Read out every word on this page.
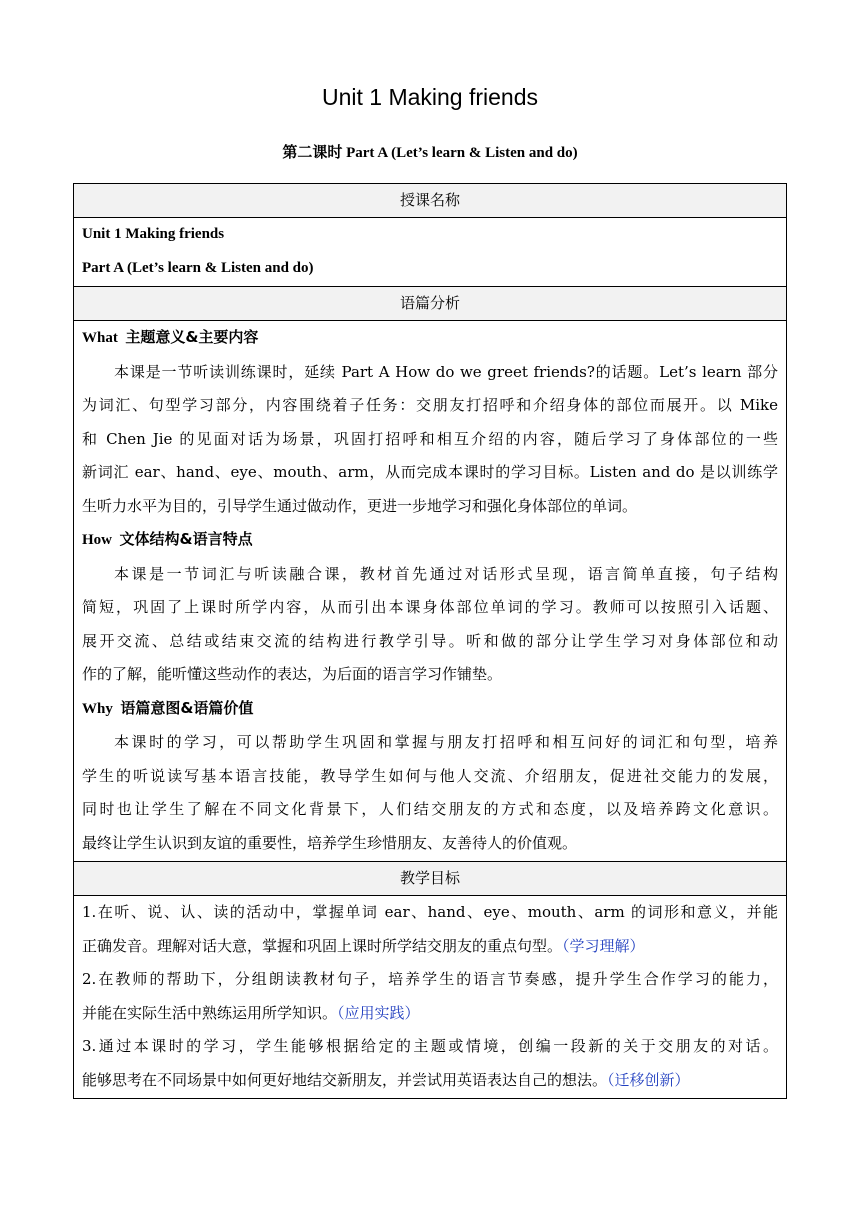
Unit 1 Making friends
第二课时 Part A (Let’s learn & Listen and do)
授课名称

Unit 1 Making friends
Part A (Let’s learn & Listen and do)

语篇分析

What 主题意义&主要内容
本课是一节听读训练课时，延续 Part A How do we greet friends?的话题。Let’s learn 部分
为词汇、句型学习部分，内容围绕着子任务：交朋友打招呼和介绍身体的部位而展开。以 Mike
和 Chen Jie 的见面对话为场景，巩固打招呼和相互介绍的内容，随后学习了身体部位的一些
新词汇 ear、hand、eye、mouth、arm，从而完成本课时的学习目标。Listen and do 是以训练学
生听力水平为目的，引导学生通过做动作，更进一步地学习和强化身体部位的单词。
How 文体结构&语言特点
本课是一节词汇与听读融合课，教材首先通过对话形式呈现，语言简单直接，句子结构
简短，巩固了上课时所学内容，从而引出本课身体部位单词的学习。教师可以按照引入话题、
展开交流、总结或结束交流的结构进行教学引导。听和做的部分让学生学习对身体部位和动
作的了解，能听懂这些动作的表达，为后面的语言学习作铺垫。
Why 语篇意图&语篇价值
本课时的学习，可以帮助学生巩固和掌握与朋友打招呼和相互问好的词汇和句型，培养
学生的听说读写基本语言技能，教导学生如何与他人交流、介绍朋友，促进社交能力的发展，
同时也让学生了解在不同文化背景下，人们结交朋友的方式和态度，以及培养跨文化意识。
最终让学生认识到友谊的重要性，培养学生珍惜朋友、友善待人的价值观。

教学目标

1.在听、说、认、读的活动中，掌握单词 ear、hand、eye、mouth、arm 的词形和意义，并能
正确发音。理解对话大意，掌握和巩固上课时所学结交朋友的重点句型。（学习理解）
2.在教师的帮助下，分组朗读教材句子，培养学生的语言节奏感，提升学生合作学习的能力，
并能在实际生活中熟练运用所学知识。（应用实践）
3.通过本课时的学习，学生能够根据给定的主题或情境，创编一段新的关于交朋友的对话。
能够思考在不同场景中如何更好地结交新朋友，并尝试用英语表达自己的想法。（迁移创新）
